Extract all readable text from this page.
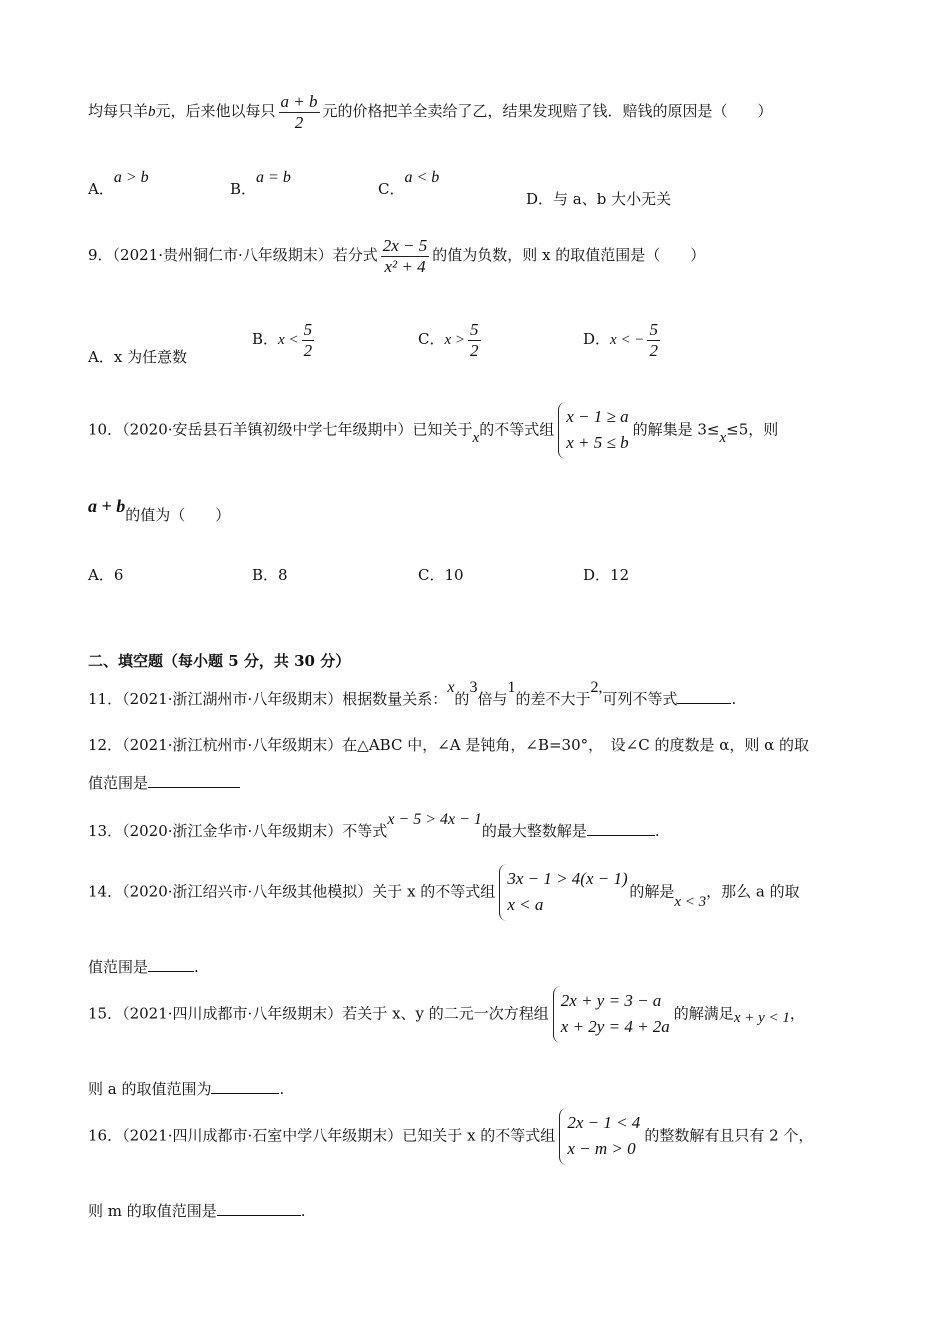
均每只羊b元，后来他以每只 $\frac{a + b}{2}$ 元的价格把羊全卖给了乙，结果发现赔了钱．赔钱的原因是（　　）
A．a > b
B．a = b
C．a < b
D．与 a、b 大小无关
9．（2021·贵州铜仁市·八年级期末）若分式 $\frac{2x - 5}{\text{x² + 4}}$ 的值为负数，则 x 的取值范围是（　　）
A．x 为任意数
B．$x < \frac{5}{2}$	C．$x > \frac{5}{2}$	D．x < − $\frac{5}{2}$
10．（2020·安岳县石羊镇初级中学七年级期中）已知关于x的不等式组
x − 1 ≥ a
x + 5 ≤ b
的解集是 3≤x≤5，则
a + b的值为（　　）
A．6	B．8	C．10	D．12
二、填空题（每小题 5 分，共 30 分）
11．（2021·浙江湖州市·八年级期末）根据数量关系：x的3倍与1的差不大于2,可列不等式	.
12．（2021·浙江杭州市·八年级期末）在△ABC 中，∠A 是钝角，∠B=30°，　设∠C 的度数是 α，则 α 的取
值范围是
13．（2020·浙江金华市·八年级期末）不等式x − 5 > 4x − 1的最大整数解是	.
14．（2020·浙江绍兴市·八年级其他模拟）关于 x 的不等式组
3x − 1 > 4(x − 1)
x < a
的解是x < 3，那么 a 的取
值范围是	.
15．（2021·四川成都市·八年级期末）若关于 x、y 的二元一次方程组
2x + y = 3 − a
x + 2y = 4 + 2a
的解满足x + y < 1，
则 a 的取值范围为	.
16．（2021·四川成都市·石室中学八年级期末）已知关于 x 的不等式组
2x − 1 < 4
x − m > 0
的整数解有且只有 2 个，
则 m 的取值范围是	.
